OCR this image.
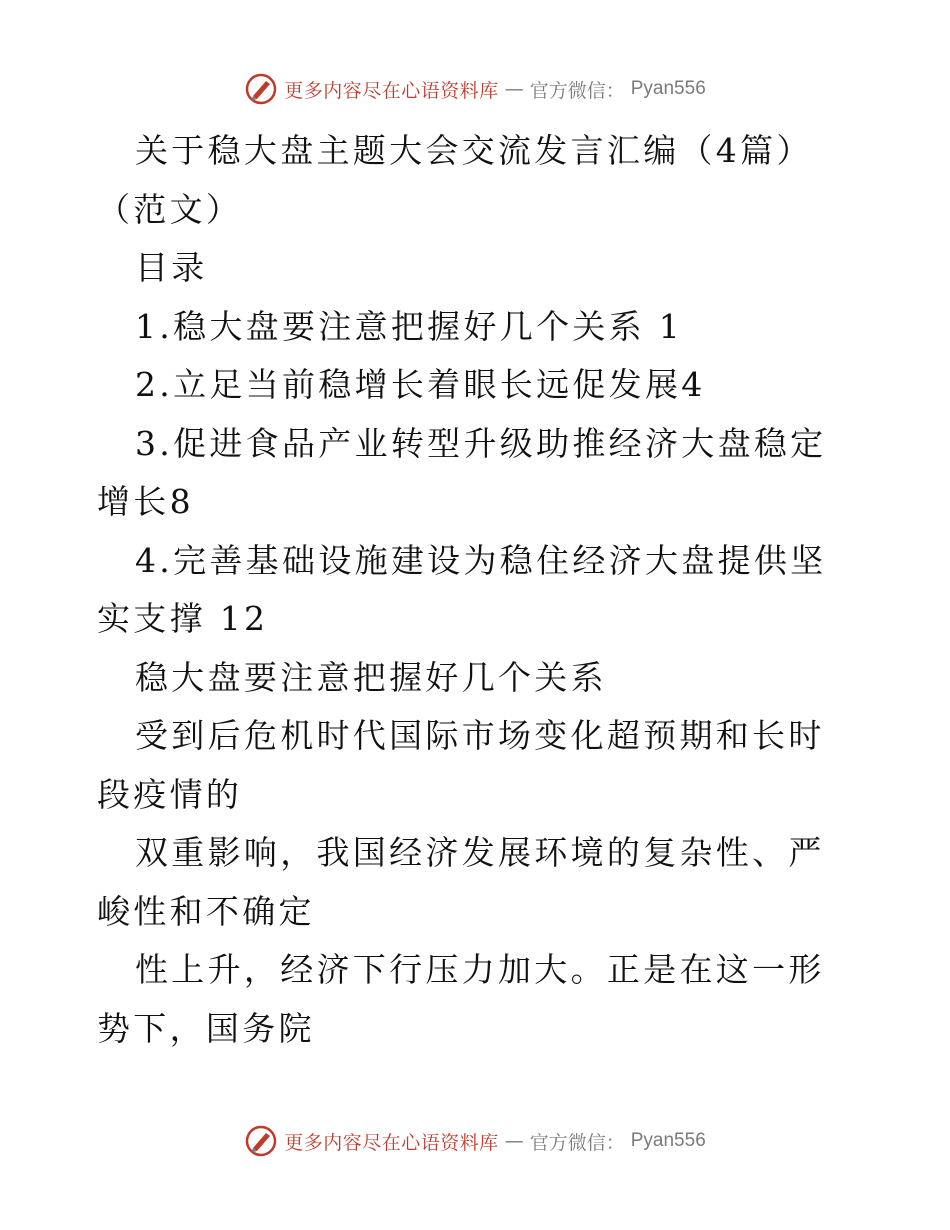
更多内容尽在心语资料库 — 官方微信： Pyan556

关于稳大盘主题大会交流发言汇编（4篇）（范文）

目录

1.稳大盘要注意把握好几个关系 1

2.立足当前稳增长着眼长远促发展4

3.促进食品产业转型升级助推经济大盘稳定增长8

4.完善基础设施建设为稳住经济大盘提供坚实支撑 12

稳大盘要注意把握好几个关系

受到后危机时代国际市场变化超预期和长时段疫情的

双重影响，我国经济发展环境的复杂性、严峻性和不确定

性上升，经济下行压力加大。正是在这一形势下，国务院

更多内容尽在心语资料库 — 官方微信： Pyan556
